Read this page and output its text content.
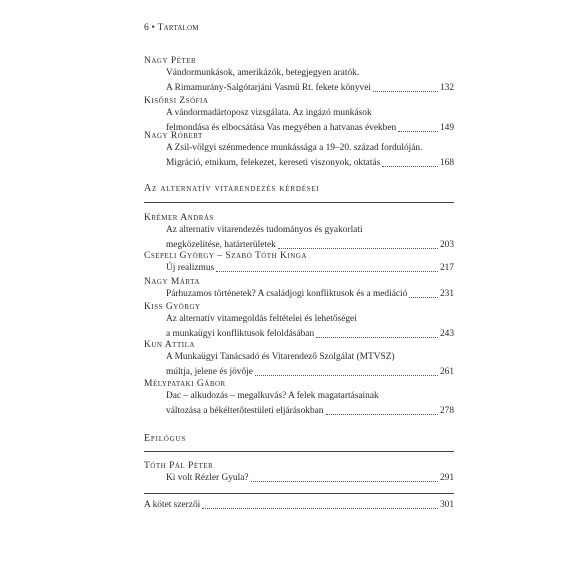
6 • Tartalom
Nagy Péter
Vándormunkások, amerikázók, betegjegyen aratók.
A Rimamurány-Salgótarjáni Vasmű Rt. fekete könyvei	132
Kisőrsi Zsófia
A vándormadártoposz vizsgálata. Az ingázó munkások
felmondása és elbocsátása Vas megyében a hatvanas években	149
Nagy Róbert
A Zsil-völgyi szénmedence munkássága a 19–20. század fordulóján.
Migráció, etnikum, felekezet, kereseti viszonyok, oktatás	168
Az alternatív vitarendezés kérdései
Krémer András
Az alternatív vitarendezés tudományos és gyakorlati
megközelítése, határterületek	203
Csepeli György – Szabó Tóth Kinga
Új realizmus	217
Nagy Márta
Párhuzamos történetek? A családjogi konfliktusok és a mediáció	231
Kiss György
Az alternatív vitamegoldás feltételei és lehetőségei
a munkaügyi konfliktusok feloldásában	243
Kun Attila
A Munkaügyi Tanácsadó és Vitarendező Szolgálat (MTVSZ)
múltja, jelene és jövője	261
Mélypataki Gábor
Dac – alkudozás – megalkuvás? A felek magatartásainak
változása a békéltetőtestületi eljárásokban	278
Epilógus
Tóth Pál Péter
Ki volt Rézler Gyula?	291
A kötet szerzői	301
